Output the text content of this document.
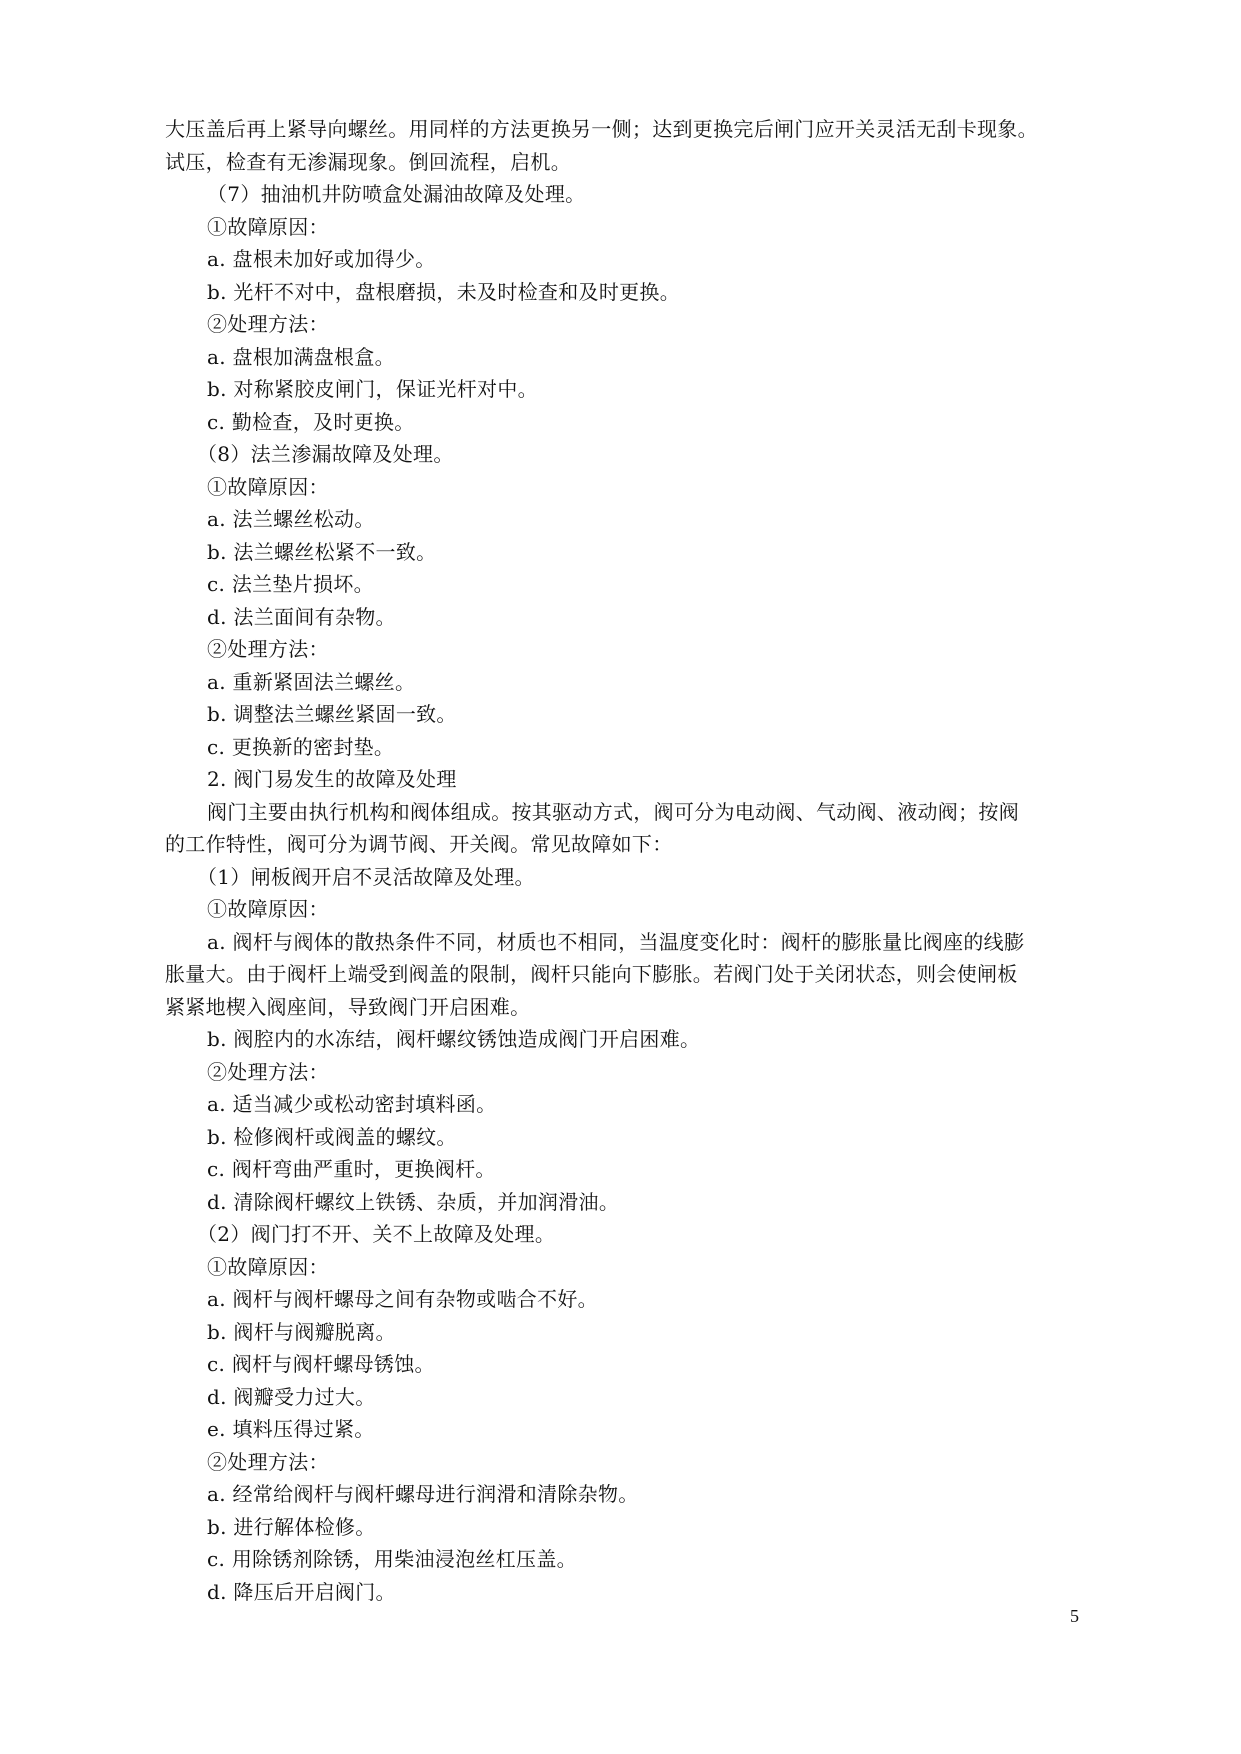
大压盖后再上紧导向螺丝。用同样的方法更换另一侧；达到更换完后闸门应开关灵活无刮卡现象。
试压，检查有无渗漏现象。倒回流程，启机。
（7）抽油机井防喷盒处漏油故障及处理。
①故障原因：
a. 盘根未加好或加得少。
b. 光杆不对中，盘根磨损，未及时检查和及时更换。
②处理方法：
a. 盘根加满盘根盒。
b. 对称紧胶皮闸门，保证光杆对中。
c. 勤检查，及时更换。
（8）法兰渗漏故障及处理。
①故障原因：
a. 法兰螺丝松动。
b. 法兰螺丝松紧不一致。
c. 法兰垫片损坏。
d. 法兰面间有杂物。
②处理方法：
a. 重新紧固法兰螺丝。
b. 调整法兰螺丝紧固一致。
c. 更换新的密封垫。
2. 阀门易发生的故障及处理
阀门主要由执行机构和阀体组成。按其驱动方式，阀可分为电动阀、气动阀、液动阀；按阀
的工作特性，阀可分为调节阀、开关阀。常见故障如下：
（1）闸板阀开启不灵活故障及处理。
①故障原因：
a. 阀杆与阀体的散热条件不同，材质也不相同，当温度变化时：阀杆的膨胀量比阀座的线膨
胀量大。由于阀杆上端受到阀盖的限制，阀杆只能向下膨胀。若阀门处于关闭状态，则会使闸板
紧紧地楔入阀座间，导致阀门开启困难。
b. 阀腔内的水冻结，阀杆螺纹锈蚀造成阀门开启困难。
②处理方法：
a. 适当减少或松动密封填料函。
b. 检修阀杆或阀盖的螺纹。
c. 阀杆弯曲严重时，更换阀杆。
d. 清除阀杆螺纹上铁锈、杂质，并加润滑油。
（2）阀门打不开、关不上故障及处理。
①故障原因：
a. 阀杆与阀杆螺母之间有杂物或啮合不好。
b. 阀杆与阀瓣脱离。
c. 阀杆与阀杆螺母锈蚀。
d. 阀瓣受力过大。
e. 填料压得过紧。
②处理方法：
a. 经常给阀杆与阀杆螺母进行润滑和清除杂物。
b. 进行解体检修。
c. 用除锈剂除锈，用柴油浸泡丝杠压盖。
d. 降压后开启阀门。
5
